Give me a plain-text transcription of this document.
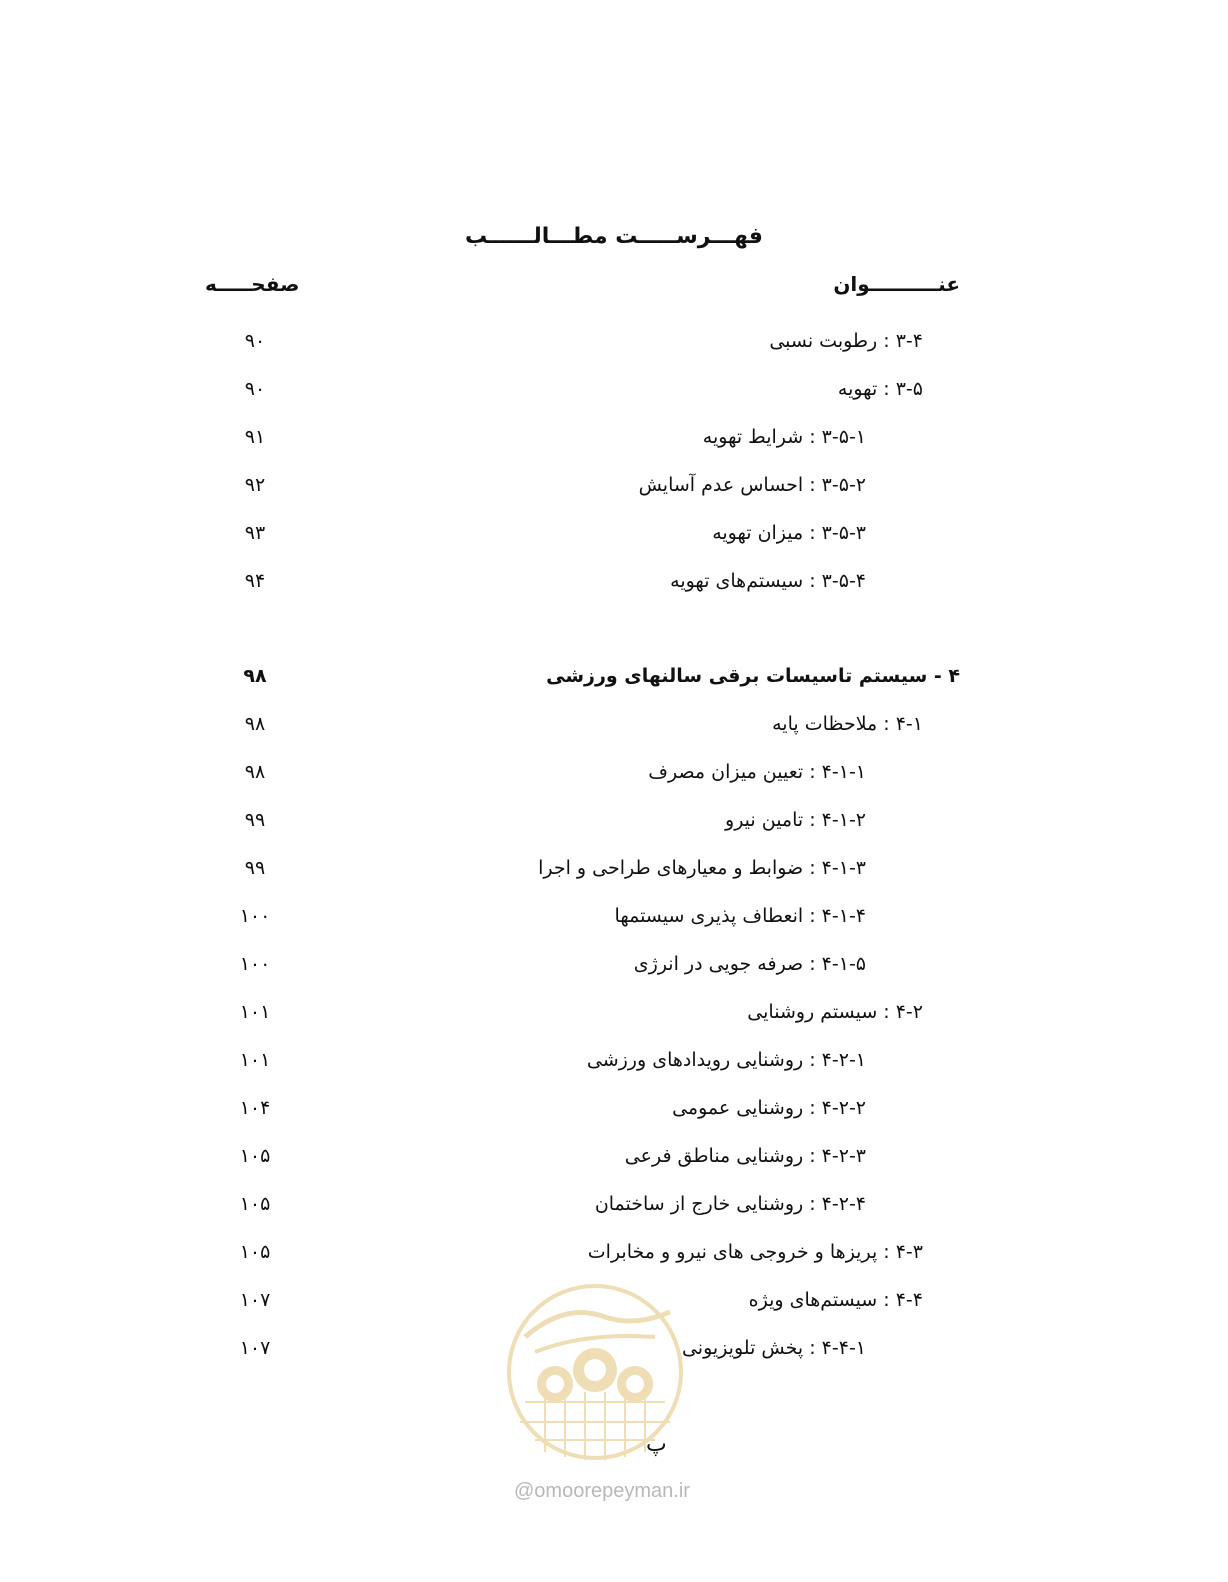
فهـــرســـــت مطـــالــــــب
عنــــــــــوان
صفحـــــه
۳-۴ : رطوبت نسبی
۹۰
۳-۵ : تهویه
۹۰
۳-۵-۱ : شرایط تهویه
۹۱
۳-۵-۲ : احساس عدم آسایش
۹۲
۳-۵-۳ : میزان تهویه
۹۳
۳-۵-۴ : سیستم‌های تهویه
۹۴
۴ - سیستم تاسیسات برقی سالنهای ورزشی
۹۸
۴-۱ : ملاحظات پایه
۹۸
۴-۱-۱ : تعیین میزان مصرف
۹۸
۴-۱-۲ : تامین نیرو
۹۹
۴-۱-۳ : ضوابط و معیارهای طراحی و اجرا
۹۹
۴-۱-۴ : انعطاف پذیری سیستمها
۱۰۰
۴-۱-۵ : صرفه جویی در انرژی
۱۰۰
۴-۲ : سیستم روشنایی
۱۰۱
۴-۲-۱ : روشنایی رویدادهای ورزشی
۱۰۱
۴-۲-۲ : روشنایی عمومی
۱۰۴
۴-۲-۳ : روشنایی مناطق فرعی
۱۰۵
۴-۲-۴ : روشنایی خارج از ساختمان
۱۰۵
۴-۳ : پریزها و خروجی های نیرو و مخابرات
۱۰۵
۴-۴ : سیستم‌های ویژه
۱۰۷
۴-۴-۱ : پخش تلویزیونی
۱۰۷
پ
@omoorepeyman.ir
